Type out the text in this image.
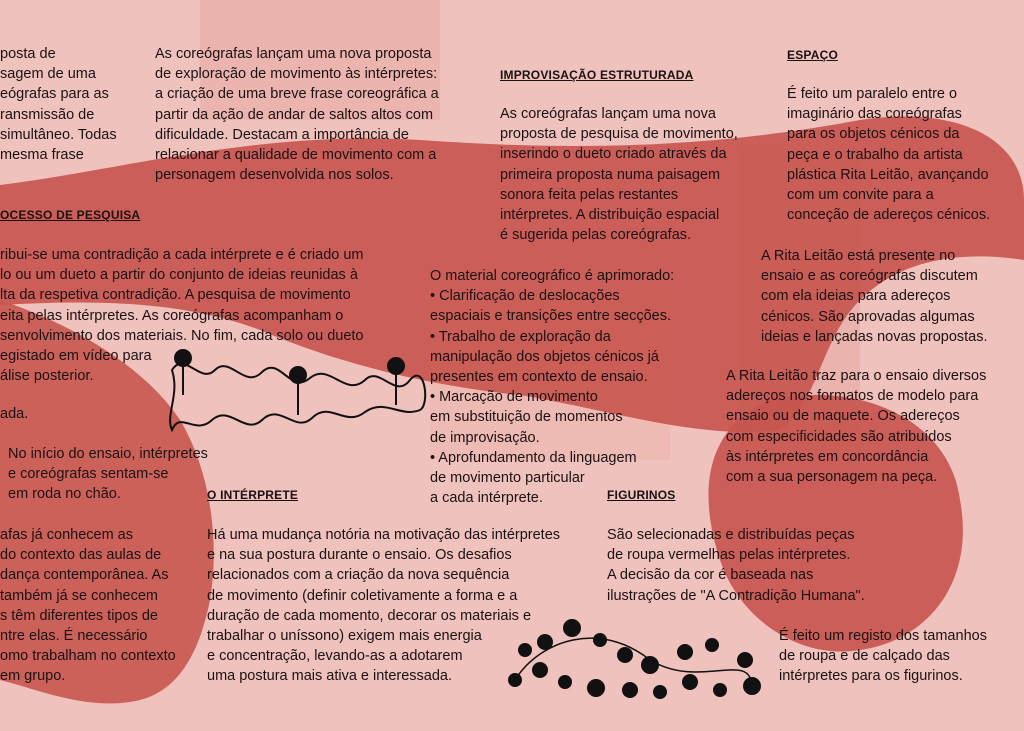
posta de
sagem de uma
eógrafas para as
ransmissão de
simultâneo. Todas
mesma frase

OCESSO DE PESQUISA

ribui-se uma contradição a cada intérprete e é criado um
lo ou um dueto a partir do conjunto de ideias reunidas à
lta da respetiva contradição. A pesquisa de movimento
eita pelas intérpretes. As coreógrafas acompanham o
senvolvimento dos materiais. No fim, cada solo ou dueto
egistado em vídeo para
álise posterior.

ada.

No início do ensaio, intérpretes
e coreógrafas sentam-se
em roda no chão.

afas já conhecem as
do contexto das aulas de
dança contemporânea. As
também já se conhecem
s têm diferentes tipos de
ntre elas. É necessário
omo trabalham no contexto
em grupo.

As coreógrafas lançam uma nova proposta
de exploração de movimento às intérpretes:
a criação de uma breve frase coreográfica a
partir da ação de andar de saltos altos com
dificuldade. Destacam a importância de
relacionar a qualidade de movimento com a
personagem desenvolvida nos solos.

O INTÉRPRETE

Há uma mudança notória na motivação das intérpretes
e na sua postura durante o ensaio. Os desafios
relacionados com a criação da nova sequência
de movimento (definir coletivamente a forma e a
duração de cada momento, decorar os materiais e
trabalhar o uníssono) exigem mais energia
e concentração, levando-as a adotarem
uma postura mais ativa e interessada.

IMPROVISAÇÃO ESTRUTURADA

As coreógrafas lançam uma nova
proposta de pesquisa de movimento,
inserindo o dueto criado através da
primeira proposta numa paisagem
sonora feita pelas restantes
intérpretes. A distribuição espacial
é sugerida pelas coreógrafas.

O material coreográfico é aprimorado:
• Clarificação de deslocações
espaciais e transições entre secções.
• Trabalho de exploração da
manipulação dos objetos cénicos já
presentes em contexto de ensaio.
• Marcação de movimento
em substituição de momentos
de improvisação.
• Aprofundamento da linguagem
de movimento particular
a cada intérprete.	FIGURINOS

São selecionadas e distribuídas peças
de roupa vermelhas pelas intérpretes.
A decisão da cor é baseada nas
ilustrações de "A Contradição Humana".

ESPAÇO

É feito um paralelo entre o
imaginário das coreógrafas
para os objetos cénicos da
peça e o trabalho da artista
plástica Rita Leitão, avançando
com um convite para a
conceção de adereços cénicos.

A Rita Leitão está presente no
ensaio e as coreógrafas discutem
com ela ideias para adereços
cénicos. São aprovadas algumas
ideias e lançadas novas propostas.

A Rita Leitão traz para o ensaio diversos
adereços nos formatos de modelo para
ensaio ou de maquete. Os adereços
com especificidades são atribuídos
às intérpretes em concordância
com a sua personagem na peça.

É feito um registo dos tamanhos
de roupa e de calçado das
intérpretes para os figurinos.
